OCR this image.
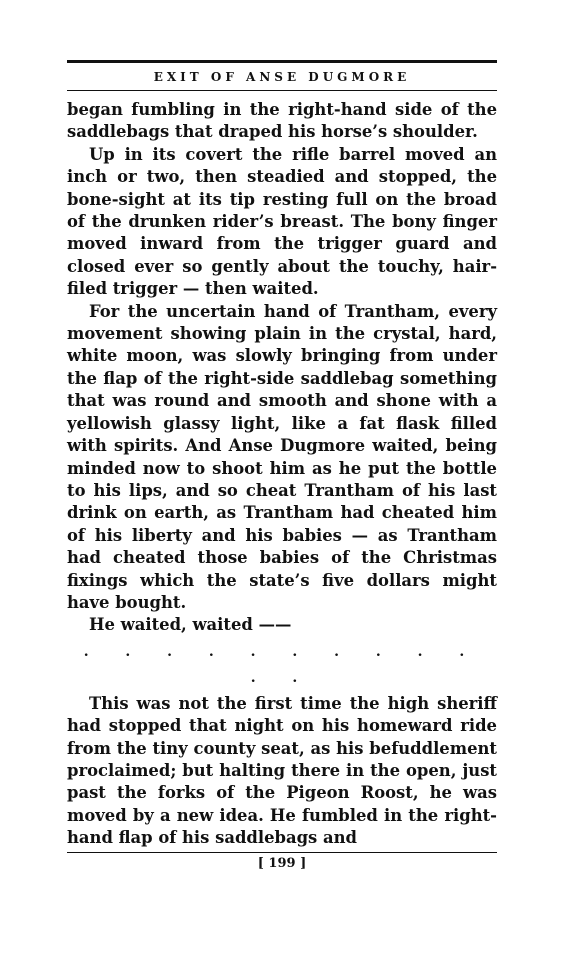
EXIT OF ANSE DUGMORE

began fumbling in the right-hand side of the saddlebags that draped his horse’s shoulder.

Up in its covert the rifle barrel moved an inch or two, then steadied and stopped, the bone-sight at its tip resting full on the broad of the drunken rider’s breast. The bony finger moved inward from the trigger guard and closed ever so gently about the touchy, hair-filed trigger — then waited.

For the uncertain hand of Trantham, every movement showing plain in the crystal, hard, white moon, was slowly bringing from under the flap of the right-side saddlebag something that was round and smooth and shone with a yellowish glassy light, like a fat flask filled with spirits. And Anse Dugmore waited, being minded now to shoot him as he put the bottle to his lips, and so cheat Trantham of his last drink on earth, as Trantham had cheated him of his liberty and his babies — as Trantham had cheated those babies of the Christmas fixings which the state’s five dollars might have bought.

He waited, waited ——

. . . . . . . . . . . .

This was not the first time the high sheriff had stopped that night on his homeward ride from the tiny county seat, as his befuddlement proclaimed; but halting there in the open, just past the forks of the Pigeon Roost, he was moved by a new idea. He fumbled in the right-hand flap of his saddlebags and

[ 199 ]
